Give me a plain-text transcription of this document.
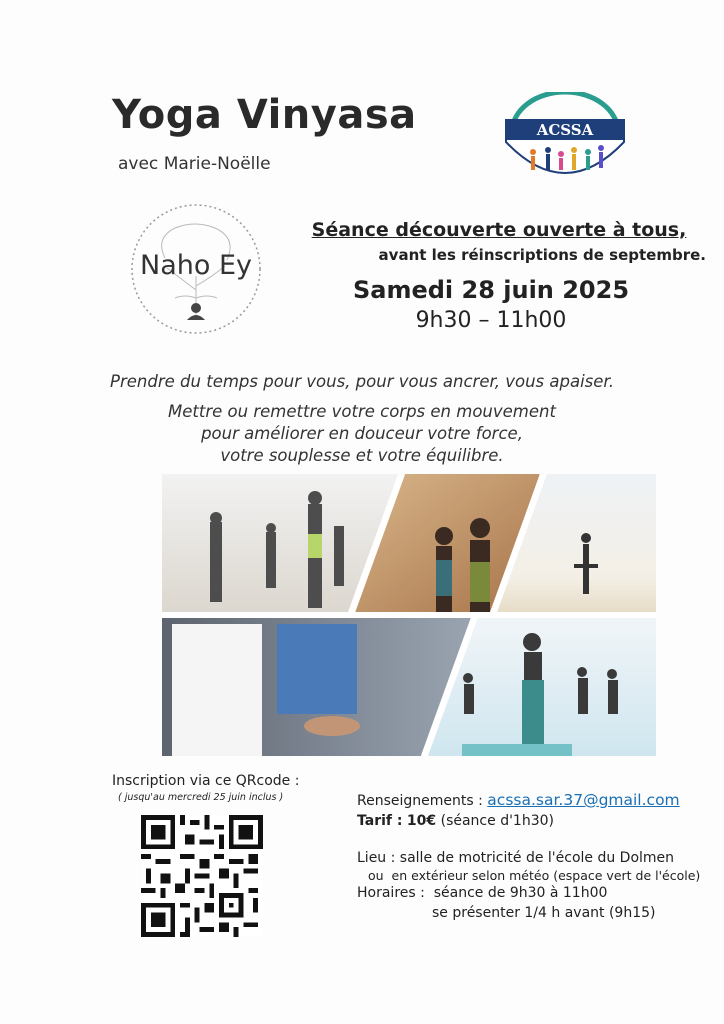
Yoga Vinyasa
avec Marie-Noëlle
Naho Ey
ACSSA
Séance découverte ouverte à tous,
avant les réinscriptions de septembre.
Samedi 28 juin 2025
9h30 – 11h00
Prendre du temps pour vous, pour vous ancrer, vous apaiser.
Mettre ou remettre votre corps en mouvement
pour améliorer en douceur votre force,
votre souplesse et votre équilibre.
Inscription via ce QRcode :
( jusqu'au mercredi 25 juin inclus )	Renseignements : acssa.sar.37@gmail.com
Tarif : 10€ (séance d'1h30)
Lieu : salle de motricité de l'école du Dolmen
ou en extérieur selon météo (espace vert de l'école)
Horaires : séance de 9h30 à 11h00
se présenter 1/4 h avant (9h15)
